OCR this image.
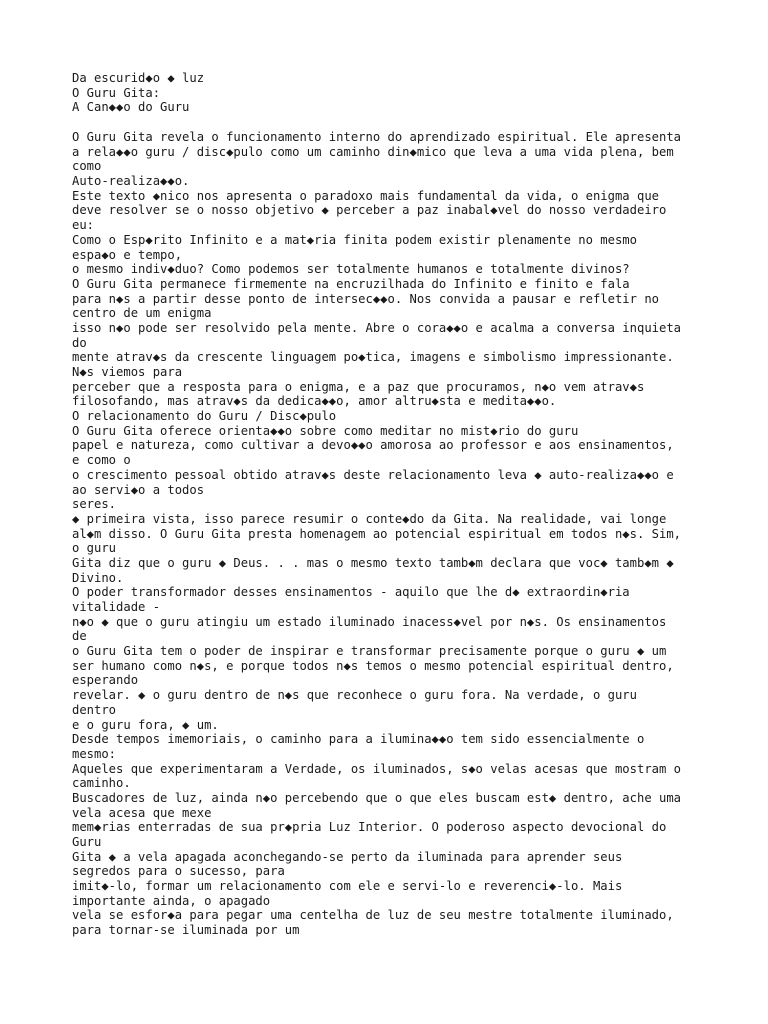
Da escurid◆o ◆ luz
O Guru Gita:
A Can◆◆o do Guru
O Guru Gita revela o funcionamento interno do aprendizado espiritual. Ele apresenta
a rela◆◆o guru / disc◆pulo como um caminho din◆mico que leva a uma vida plena, bem
como
Auto-realiza◆◆o.
Este texto ◆nico nos apresenta o paradoxo mais fundamental da vida, o enigma que
deve resolver se o nosso objetivo ◆ perceber a paz inabal◆vel do nosso verdadeiro
eu:
Como o Esp◆rito Infinito e a mat◆ria finita podem existir plenamente no mesmo
espa◆o e tempo,
o mesmo indiv◆duo? Como podemos ser totalmente humanos e totalmente divinos?
O Guru Gita permanece firmemente na encruzilhada do Infinito e finito e fala
para n◆s a partir desse ponto de intersec◆◆o. Nos convida a pausar e refletir no
centro de um enigma
isso n◆o pode ser resolvido pela mente. Abre o cora◆◆o e acalma a conversa inquieta
do
mente atrav◆s da crescente linguagem po◆tica, imagens e simbolismo impressionante.
N◆s viemos para
perceber que a resposta para o enigma, e a paz que procuramos, n◆o vem atrav◆s
filosofando, mas atrav◆s da dedica◆◆o, amor altru◆sta e medita◆◆o.
O relacionamento do Guru / Disc◆pulo
O Guru Gita oferece orienta◆◆o sobre como meditar no mist◆rio do guru
papel e natureza, como cultivar a devo◆◆o amorosa ao professor e aos ensinamentos,
e como o
o crescimento pessoal obtido atrav◆s deste relacionamento leva ◆ auto-realiza◆◆o e
ao servi◆o a todos
seres.
◆ primeira vista, isso parece resumir o conte◆do da Gita. Na realidade, vai longe
al◆m disso. O Guru Gita presta homenagem ao potencial espiritual em todos n◆s. Sim,
o guru
Gita diz que o guru ◆ Deus. . . mas o mesmo texto tamb◆m declara que voc◆ tamb◆m ◆
Divino.
O poder transformador desses ensinamentos - aquilo que lhe d◆ extraordin◆ria
vitalidade -
n◆o ◆ que o guru atingiu um estado iluminado inacess◆vel por n◆s. Os ensinamentos
de
o Guru Gita tem o poder de inspirar e transformar precisamente porque o guru ◆ um
ser humano como n◆s, e porque todos n◆s temos o mesmo potencial espiritual dentro,
esperando
revelar. ◆ o guru dentro de n◆s que reconhece o guru fora. Na verdade, o guru
dentro
e o guru fora, ◆ um.
Desde tempos imemoriais, o caminho para a ilumina◆◆o tem sido essencialmente o
mesmo:
Aqueles que experimentaram a Verdade, os iluminados, s◆o velas acesas que mostram o
caminho.
Buscadores de luz, ainda n◆o percebendo que o que eles buscam est◆ dentro, ache uma
vela acesa que mexe
mem◆rias enterradas de sua pr◆pria Luz Interior. O poderoso aspecto devocional do
Guru
Gita ◆ a vela apagada aconchegando-se perto da iluminada para aprender seus
segredos para o sucesso, para
imit◆-lo, formar um relacionamento com ele e servi-lo e reverenci◆-lo. Mais
importante ainda, o apagado
vela se esfor◆a para pegar uma centelha de luz de seu mestre totalmente iluminado,
para tornar-se iluminada por um
